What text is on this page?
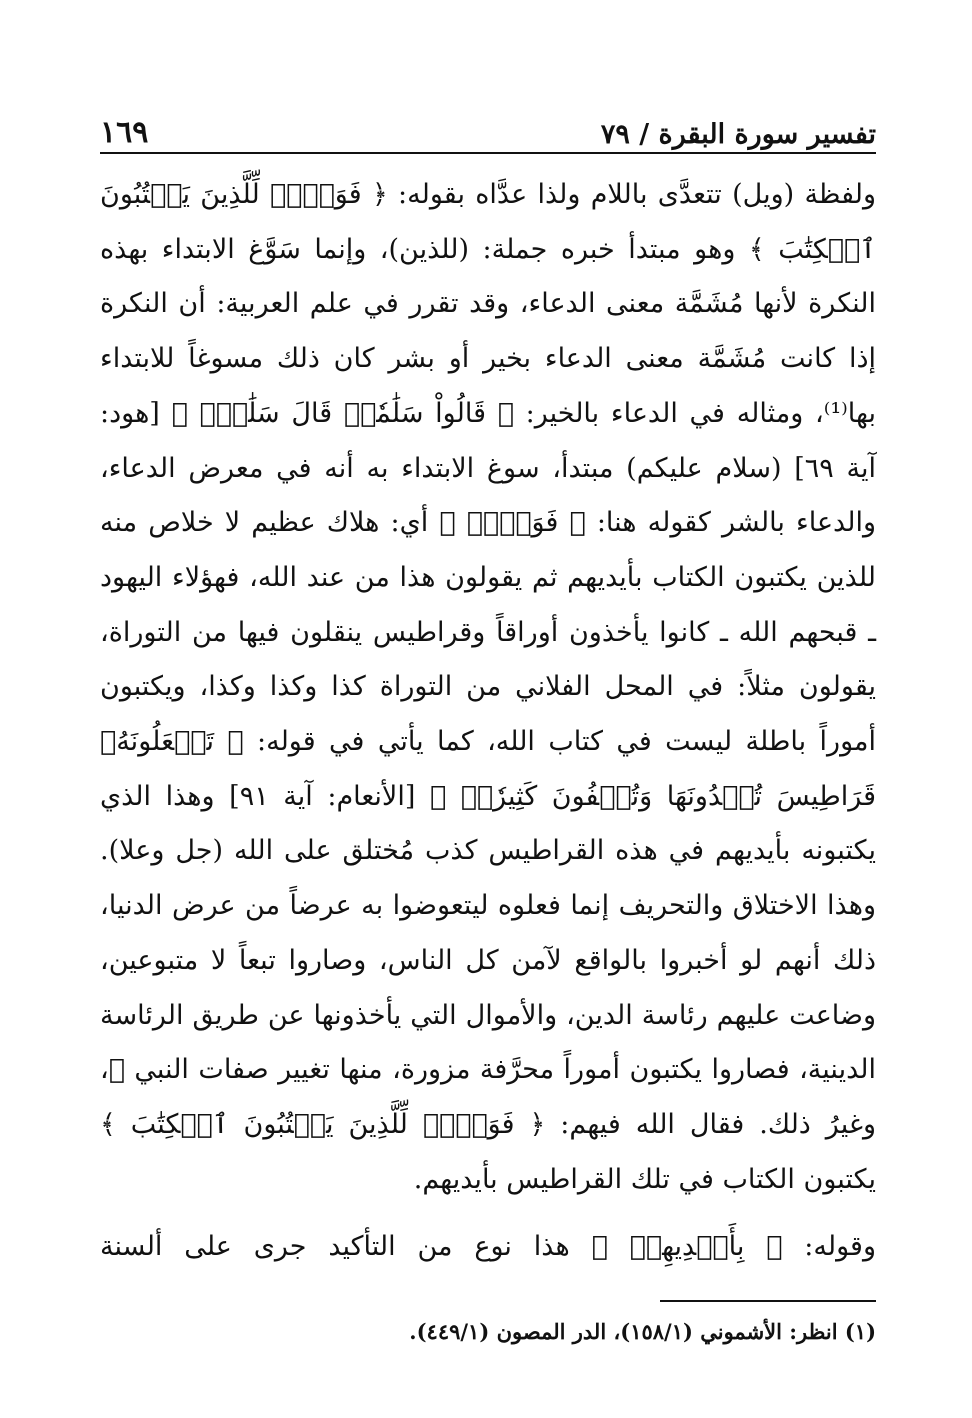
تفسير سورة البقرة / ٧٩
١٦٩

ولفظة (ويل) تتعدَّى باللام ولذا عدَّاه بقوله: ﴿ فَوَيۡلٞ لِّلَّذِينَ يَكۡتُبُونَ ٱلۡكِتَٰبَ ﴾ وهو مبتدأ خبره جملة: (للذين)، وإنما سَوَّغ الابتداء بهذه النكرة لأنها مُشَمَّة معنى الدعاء، وقد تقرر في علم العربية: أن النكرة إذا كانت مُشَمَّة معنى الدعاء بخير أو بشر كان ذلك مسوغاً للابتداء بها⁽¹⁾، ومثاله في الدعاء بالخير: ﴿ قَالُواْ سَلَٰمٗاۖ قَالَ سَلَٰمٞۖ ﴾ [هود: آية ٦٩] (سلام عليكم) مبتدأ، سوغ الابتداء به أنه في معرض الدعاء، والدعاء بالشر كقوله هنا: ﴿ فَوَيۡلٞ ﴾ أي: هلاك عظيم لا خلاص منه للذين يكتبون الكتاب بأيديهم ثم يقولون هذا من عند الله، فهؤلاء اليهود ـ قبحهم الله ـ كانوا يأخذون أوراقاً وقراطيس ينقلون فيها من التوراة، يقولون مثلاً: في المحل الفلاني من التوراة كذا وكذا وكذا، ويكتبون أموراً باطلة ليست في كتاب الله، كما يأتي في قوله: ﴿ تَجۡعَلُونَهُۥ قَرَاطِيسَ تُبۡدُونَهَا وَتُخۡفُونَ كَثِيرٗاۖ ﴾ [الأنعام: آية ٩١] وهذا الذي يكتبونه بأيديهم في هذه القراطيس كذب مُختلق على الله (جل وعلا). وهذا الاختلاق والتحريف إنما فعلوه ليتعوضوا به عرضاً من عرض الدنيا، ذلك أنهم لو أخبروا بالواقع لآمن كل الناس، وصاروا تبعاً لا متبوعين، وضاعت عليهم رئاسة الدين، والأموال التي يأخذونها عن طريق الرئاسة الدينية، فصاروا يكتبون أموراً محرَّفة مزورة، منها تغيير صفات النبي ﷺ، وغيرُ ذلك. فقال الله فيهم: ﴿ فَوَيۡلٞ لِّلَّذِينَ يَكۡتُبُونَ ٱلۡكِتَٰبَ ﴾ يكتبون الكتاب في تلك القراطيس بأيديهم.

وقوله: ﴿ بِأَيۡدِيهِمۡ ﴾ هذا نوع من التأكيد جرى على ألسنة

(١) انظر: الأشموني (١٥٨/١)، الدر المصون (٤٤٩/١).
